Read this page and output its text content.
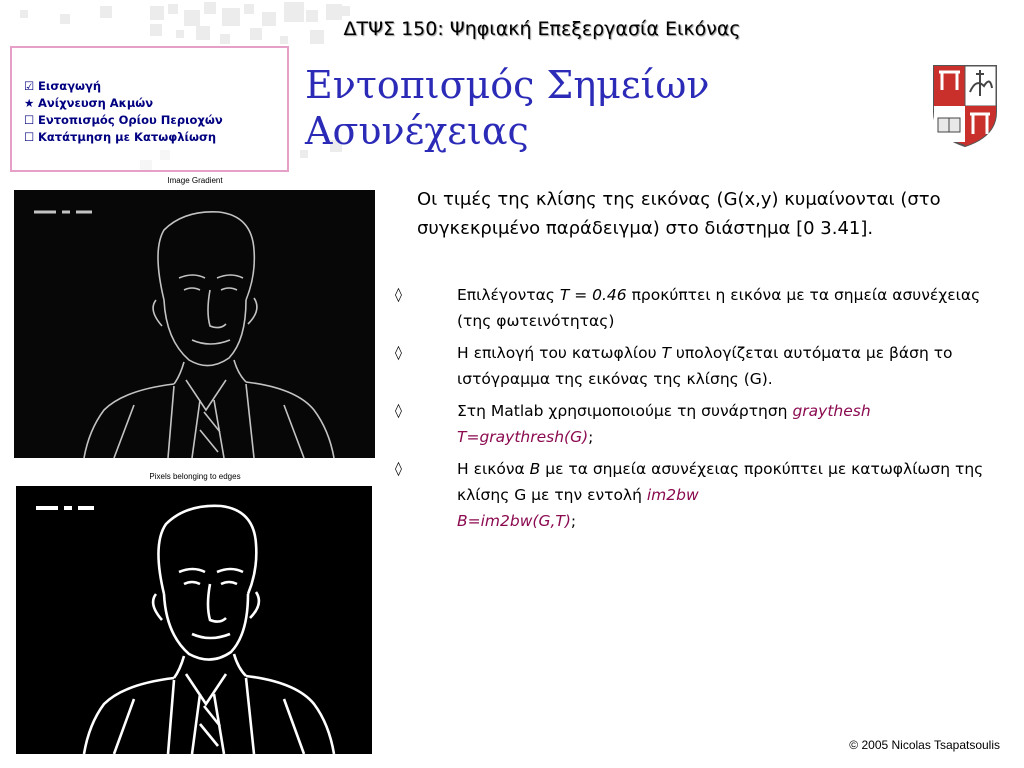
ΔΤΨΣ 150: Ψηφιακή Επεξεργασία Εικόνας
☑ Εισαγωγή
★ Ανίχνευση Ακμών
☐ Εντοπισμός Ορίου Περιοχών
☐ Κατάτμηση με Κατωφλίωση
Εντοπισμός Σημείων
Ασυνέχειας
Image Gradient
Pixels belonging to edges

Οι τιμές της κλίσης της εικόνας (G(x,y) κυμαίνονται (στο συγκεκριμένο παράδειγμα) στο διάστημα [0 3.41].

◊	Επιλέγοντας T = 0.46 προκύπτει η εικόνα με τα σημεία ασυνέχειας (της φωτεινότητας)
◊	Η επιλογή του κατωφλίου T υπολογίζεται αυτόματα με βάση το ιστόγραμμα της εικόνας της κλίσης (G).
◊	Στη Matlab χρησιμοποιούμε τη συνάρτηση graythesh
T=graythresh(G);
◊	Η εικόνα B με τα σημεία ασυνέχειας προκύπτει με κατωφλίωση της κλίσης G με την εντολή im2bw
B=im2bw(G,T);
© 2005 Nicolas Tsapatsoulis
